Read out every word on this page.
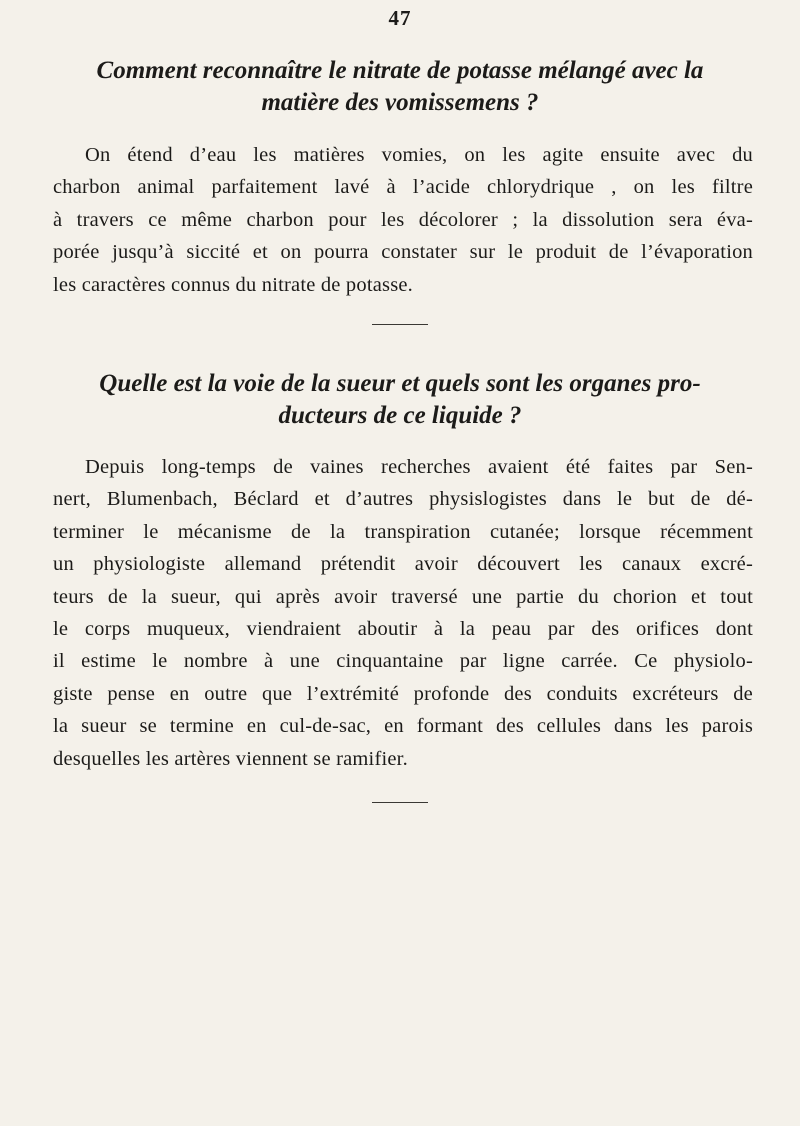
47
Comment reconnaître le nitrate de potasse mélangé avec la
matière des vomissemens ?
On étend d’eau les matières vomies, on les agite ensuite avec du
charbon animal parfaitement lavé à l’acide chlorydrique , on les filtre
à travers ce même charbon pour les décolorer ; la dissolution sera éva-
porée jusqu’à siccité et on pourra constater sur le produit de l’évaporation
les caractères connus du nitrate de potasse.
Quelle est la voie de la sueur et quels sont les organes pro-
ducteurs de ce liquide ?
Depuis long-temps de vaines recherches avaient été faites par Sen-
nert, Blumenbach, Béclard et d’autres physislogistes dans le but de dé-
terminer le mécanisme de la transpiration cutanée; lorsque récemment
un physiologiste allemand prétendit avoir découvert les canaux excré-
teurs de la sueur, qui après avoir traversé une partie du chorion et tout
le corps muqueux, viendraient aboutir à la peau par des orifices dont
il estime le nombre à une cinquantaine par ligne carrée. Ce physiolo-
giste pense en outre que l’extrémité profonde des conduits excréteurs de
la sueur se termine en cul-de-sac, en formant des cellules dans les parois
desquelles les artères viennent se ramifier.
